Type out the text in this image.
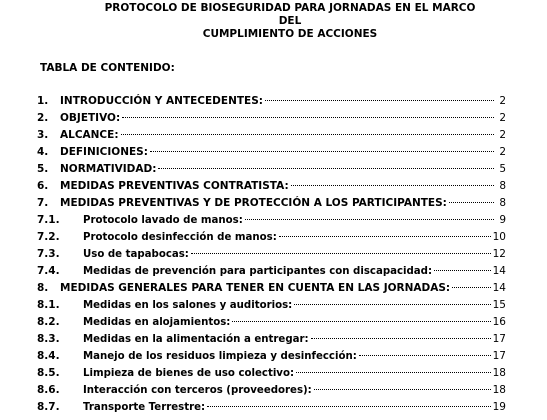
PROTOCOLO DE BIOSEGURIDAD PARA JORNADAS EN EL MARCO DEL
CUMPLIMIENTO DE ACCIONES
TABLA DE CONTENIDO:
1.	INTRODUCCIÓN Y ANTECEDENTES:	2
2.	OBJETIVO:	2
3.	ALCANCE:	2
4.	DEFINICIONES:	2
5.	NORMATIVIDAD:	5
6.	MEDIDAS PREVENTIVAS CONTRATISTA:	8
7.	MEDIDAS PREVENTIVAS Y DE PROTECCIÓN A LOS PARTICIPANTES:	8
7.1.	Protocolo lavado de manos:	9
7.2.	Protocolo desinfección de manos:	10
7.3.	Uso de tapabocas:	12
7.4.	Medidas de prevención para participantes con discapacidad:	14
8.	MEDIDAS GENERALES PARA TENER EN CUENTA EN LAS JORNADAS:	14
8.1.	Medidas en los salones y auditorios:	15
8.2.	Medidas en alojamientos:	16
8.3.	Medidas en la alimentación a entregar:	17
8.4.	Manejo de los residuos limpieza y desinfección:	17
8.5.	Limpieza de bienes de uso colectivo:	18
8.6.	Interacción con terceros (proveedores):	18
8.7.	Transporte Terrestre:	19
